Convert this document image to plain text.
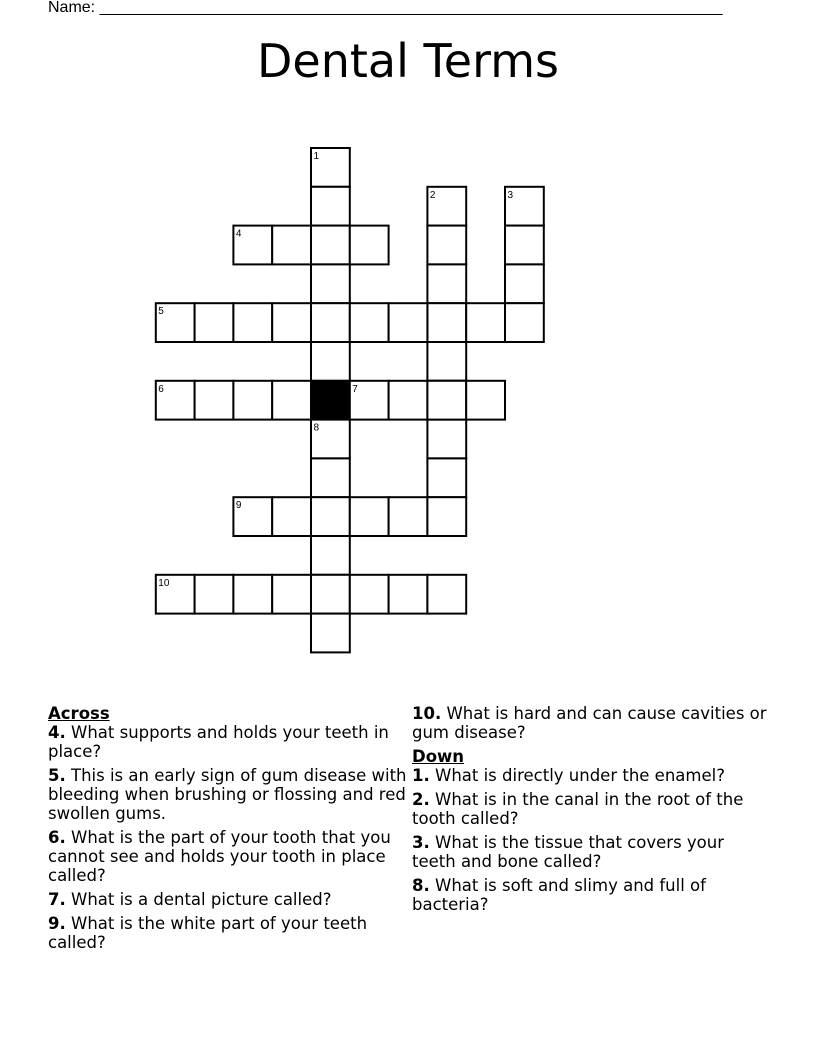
Name: ______________________________________________________________________
Dental Terms
1
8
2	3
4
5
6	7
9
10
Across
4. What supports and holds your teeth in place?
5. This is an early sign of gum disease with bleeding when brushing or flossing and red swollen gums.
6. What is the part of your tooth that you cannot see and holds your tooth in place called?
7. What is a dental picture called?
9. What is the white part of your teeth called?
10. What is hard and can cause cavities or gum disease?
Down
1. What is directly under the enamel?
2. What is in the canal in the root of the tooth called?
3. What is the tissue that covers your teeth and bone called?
8. What is soft and slimy and full of bacteria?
